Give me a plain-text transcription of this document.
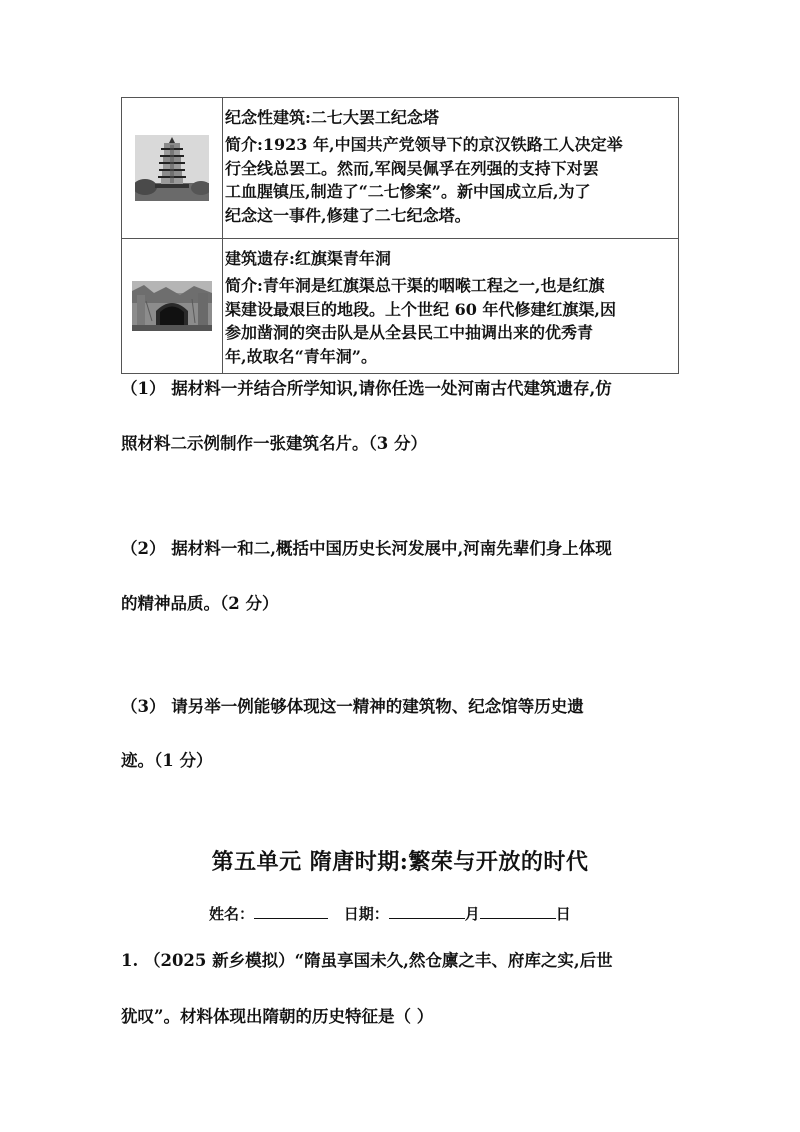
纪念性建筑:二七大罢工纪念塔
简介:1923 年,中国共产党领导下的京汉铁路工人决定举
行全线总罢工。然而,军阀吴佩孚在列强的支持下对罢
工血腥镇压,制造了“二七惨案”。新中国成立后,为了
纪念这一事件,修建了二七纪念塔。

建筑遗存:红旗渠青年洞
简介:青年洞是红旗渠总干渠的咽喉工程之一,也是红旗
渠建设最艰巨的地段。上个世纪 60 年代修建红旗渠,因
参加凿洞的突击队是从全县民工中抽调出来的优秀青
年,故取名“青年洞”。
（1） 据材料一并结合所学知识,请你任选一处河南古代建筑遗存,仿
照材料二示例制作一张建筑名片。（3 分）
（2） 据材料一和二,概括中国历史长河发展中,河南先辈们身上体现
的精神品质。（2 分）
（3） 请另举一例能够体现这一精神的建筑物、纪念馆等历史遗
迹。（1 分）
第五单元 隋唐时期:繁荣与开放的时代
姓名：	日期：	月	日
1. （2025 新乡模拟）“隋虽享国未久,然仓廪之丰、府库之实,后世
犹叹”。材料体现出隋朝的历史特征是（ ）
